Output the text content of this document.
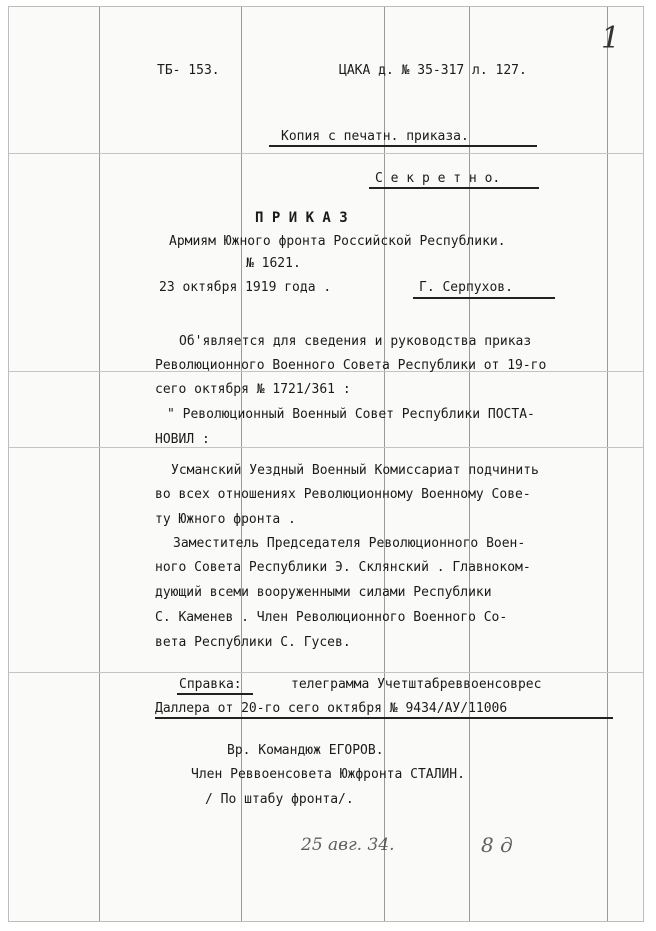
1
ТБ- 153.	ЦАКА д. № 35-317 л. 127.
Копия с печатн. приказа.
С е к р е т н о.
П Р И К А З
Армиям Южного фронта Российской Республики.
№ 1621.
23 октября 1919 года .	Г. Серпухов.
Об'является для сведения и руководства приказ
Революционного Военного Совета Республики от 19-го
сего октября № 1721/361 :
" Революционный Военный Совет Республики ПОСТА-
НОВИЛ :
Усманский Уездный Военный Комиссариат подчинить
во всех отношениях Революционному Военному Сове-
ту Южного фронта .
Заместитель Председателя Революционного Воен-
ного Совета Республики Э. Склянский . Главноком-
дующий всеми вооруженными силами Республики
С. Каменев . Член Революционного Военного Со-
вета Республики С. Гусев.
Справка:	телеграмма Учетштабреввоенсоврес
Даллера от 20-го сего октября № 9434/АУ/11006
Вр. Командюж ЕГОРОВ.
Член Реввоенсовета Южфронта СТАЛИН.
/ По штабу фронта/.
25 авг. 34.	8 д
